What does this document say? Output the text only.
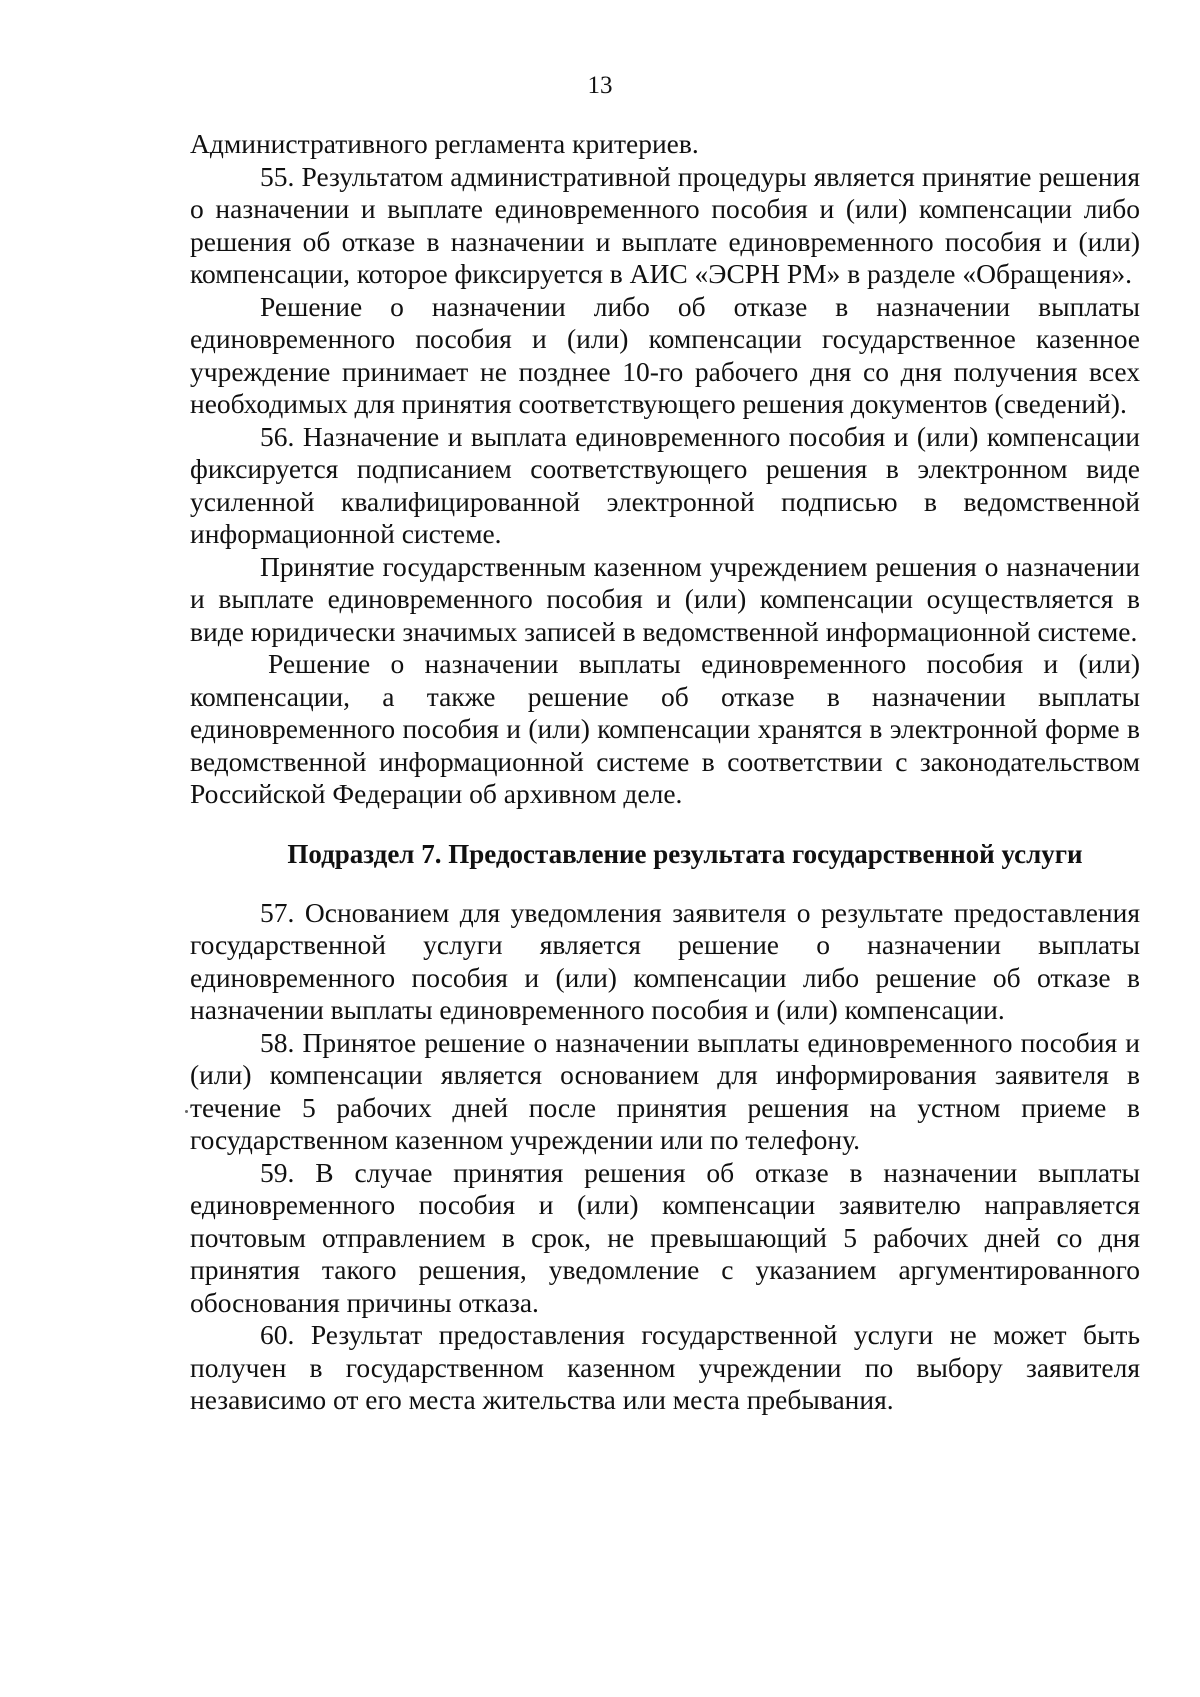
13

Административного регламента критериев.

55. Результатом административной процедуры является принятие решения о назначении и выплате единовременного пособия и (или) компенсации либо решения об отказе в назначении и выплате единовременного пособия и (или) компенсации, которое фиксируется в АИС «ЭСРН РМ» в разделе «Обращения».

Решение о назначении либо об отказе в назначении выплаты единовременного пособия и (или) компенсации государственное казенное учреждение принимает не позднее 10-го рабочего дня со дня получения всех необходимых для принятия соответствующего решения документов (сведений).

56. Назначение и выплата единовременного пособия и (или) компенсации фиксируется подписанием соответствующего решения в электронном виде усиленной квалифицированной электронной подписью в ведомственной информационной системе.

Принятие государственным казенном учреждением решения о назначении и выплате единовременного пособия и (или) компенсации осуществляется в виде юридически значимых записей в ведомственной информационной системе.

Решение о назначении выплаты единовременного пособия и (или) компенсации, а также решение об отказе в назначении выплаты единовременного пособия и (или) компенсации хранятся в электронной форме в ведомственной информационной системе в соответствии с законодательством Российской Федерации об архивном деле.

Подраздел 7. Предоставление результата государственной услуги

57. Основанием для уведомления заявителя о результате предоставления государственной услуги является решение о назначении выплаты единовременного пособия и (или) компенсации либо решение об отказе в назначении выплаты единовременного пособия и (или) компенсации.

58. Принятое решение о назначении выплаты единовременного пособия и (или) компенсации является основанием для информирования заявителя в течение 5 рабочих дней после принятия решения на устном приеме в государственном казенном учреждении или по телефону.

59. В случае принятия решения об отказе в назначении выплаты единовременного пособия и (или) компенсации заявителю направляется почтовым отправлением в срок, не превышающий 5 рабочих дней со дня принятия такого решения, уведомление с указанием аргументированного обоснования причины отказа.

60. Результат предоставления государственной услуги не может быть получен в государственном казенном учреждении по выбору заявителя независимо от его места жительства или места пребывания.
